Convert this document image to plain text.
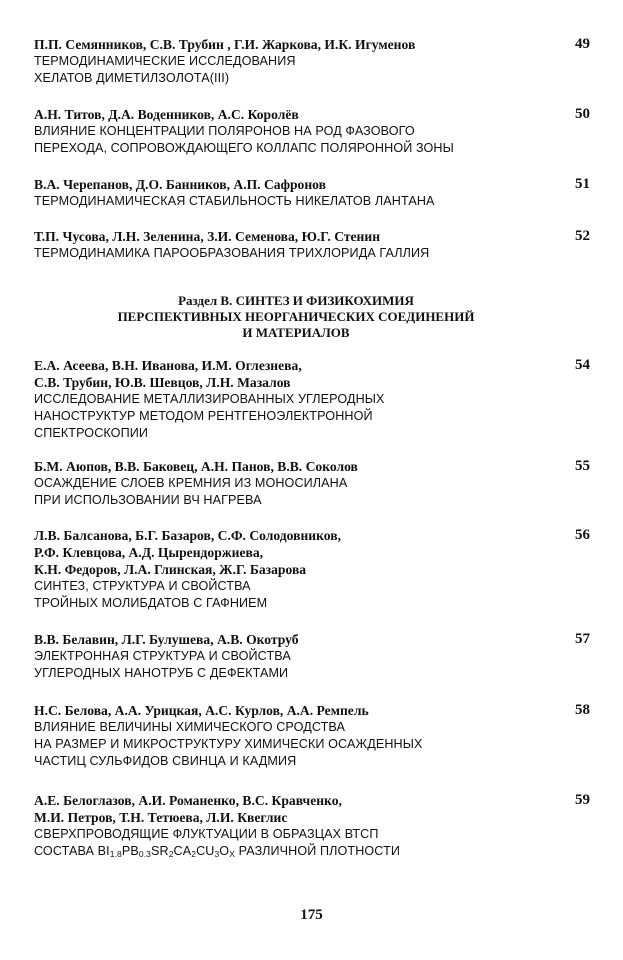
49
П.П. Семянников, С.В. Трубин , Г.И. Жаркова, И.К. Игуменов
ТЕРМОДИНАМИЧЕСКИЕ ИССЛЕДОВАНИЯ
ХЕЛАТОВ ДИМЕТИЛЗОЛОТА(III)
50
А.Н. Титов, Д.А. Воденников, А.С. Королёв
ВЛИЯНИЕ КОНЦЕНТРАЦИИ ПОЛЯРОНОВ НА РОД ФАЗОВОГО
ПЕРЕХОДА, СОПРОВОЖДАЮЩЕГО КОЛЛАПС ПОЛЯРОННОЙ ЗОНЫ
51
В.А. Черепанов, Д.О. Банников, А.П. Сафронов
ТЕРМОДИНАМИЧЕСКАЯ СТАБИЛЬНОСТЬ НИКЕЛАТОВ ЛАНТАНА
52
Т.П. Чусова, Л.Н. Зеленина, З.И. Семенова, Ю.Г. Стенин
ТЕРМОДИНАМИКА ПАРООБРАЗОВАНИЯ ТРИХЛОРИДА ГАЛЛИЯ
54
Е.А. Асеева, В.Н. Иванова, И.М. Оглезнева,
С.В. Трубин, Ю.В. Шевцов, Л.Н. Мазалов
ИССЛЕДОВАНИЕ МЕТАЛЛИЗИРОВАННЫХ УГЛЕРОДНЫХ
НАНОСТРУКТУР МЕТОДОМ РЕНТГЕНОЭЛЕКТРОННОЙ
СПЕКТРОСКОПИИ
55
Б.М. Аюпов, В.В. Баковец, А.Н. Панов, В.В. Соколов
ОСАЖДЕНИЕ СЛОЕВ КРЕМНИЯ ИЗ МОНОСИЛАНА
ПРИ ИСПОЛЬЗОВАНИИ ВЧ НАГРЕВА
56
Л.В. Балсанова, Б.Г. Базаров, С.Ф. Солодовников,
Р.Ф. Клевцова, А.Д. Цырендоржиева,
К.Н. Федоров, Л.А. Глинская, Ж.Г. Базарова
СИНТЕЗ, СТРУКТУРА И СВОЙСТВА
ТРОЙНЫХ МОЛИБДАТОВ С ГАФНИЕМ
57
В.В. Белавин, Л.Г. Булушева, А.В. Окотруб
ЭЛЕКТРОННАЯ СТРУКТУРА И СВОЙСТВА
УГЛЕРОДНЫХ НАНОТРУБ С ДЕФЕКТАМИ
58
Н.С. Белова, А.А. Урицкая, А.С. Курлов, А.А. Ремпель
ВЛИЯНИЕ ВЕЛИЧИНЫ ХИМИЧЕСКОГО СРОДСТВА
НА РАЗМЕР И МИКРОСТРУКТУРУ ХИМИЧЕСКИ ОСАЖДЕННЫХ
ЧАСТИЦ СУЛЬФИДОВ СВИНЦА И КАДМИЯ
59
А.Е. Белоглазов, А.И. Романенко, В.С. Кравченко,
М.И. Петров, Т.Н. Тетюева, Л.И. Квеглис
СВЕРХПРОВОДЯЩИЕ ФЛУКТУАЦИИ В ОБРАЗЦАХ ВТСП
СОСТАВА $BI_{1.8}PB_{0.3}SR_2CA_2CU_3O_X$ РАЗЛИЧНОЙ ПЛОТНОСТИ
Раздел В. СИНТЕЗ И ФИЗИКОХИМИЯ
ПЕРСПЕКТИВНЫХ НЕОРГАНИЧЕСКИХ СОЕДИНЕНИЙ
И МАТЕРИАЛОВ
175
